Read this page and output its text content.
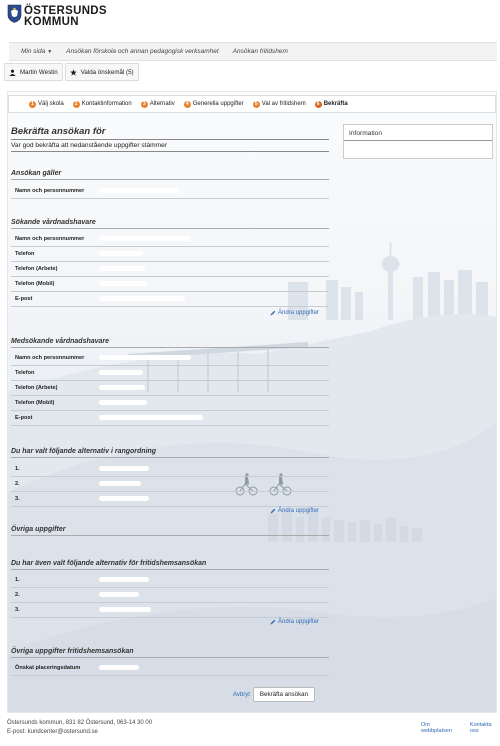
ÖSTERSUNDS
KOMMUN
Min sida ▼ Ansökan förskola och annan pedagogisk verksamhet Ansökan fritidshem
Martin Westin	Valda önskemål (5)
1 Välj skola	2 Kontaktinformation	3 Alternativ	4 Generella uppgifter	5 Val av fritidshem	6 Bekräfta
Bekräfta ansökan för
Var god bekräfta att nedanstående uppgifter stämmer
Information
Ansökan gäller
Namn och personnummer
Sökande vårdnadshavare
Namn och personnummer
Telefon
Telefon (Arbete)
Telefon (Mobil)
E-post
Ändra uppgifter
Medsökande vårdnadshavare
Namn och personnummer
Telefon
Telefon (Arbete)
Telefon (Mobil)
E-post
Du har valt följande alternativ i rangordning
1.
2.
3.
Ändra uppgifter
Övriga uppgifter
Du har även valt följande alternativ för fritidshemsansökan
1.
2.
3.
Ändra uppgifter
Övriga uppgifter fritidshemsansökan
Önskat placeringsdatum
Avbryt	Bekräfta ansökan
Östersunds kommun, 831 82 Östersund, 063-14 30 00
E-post: kundcenter@ostersund.se
Om webbplatsen
· Kontakta oss
